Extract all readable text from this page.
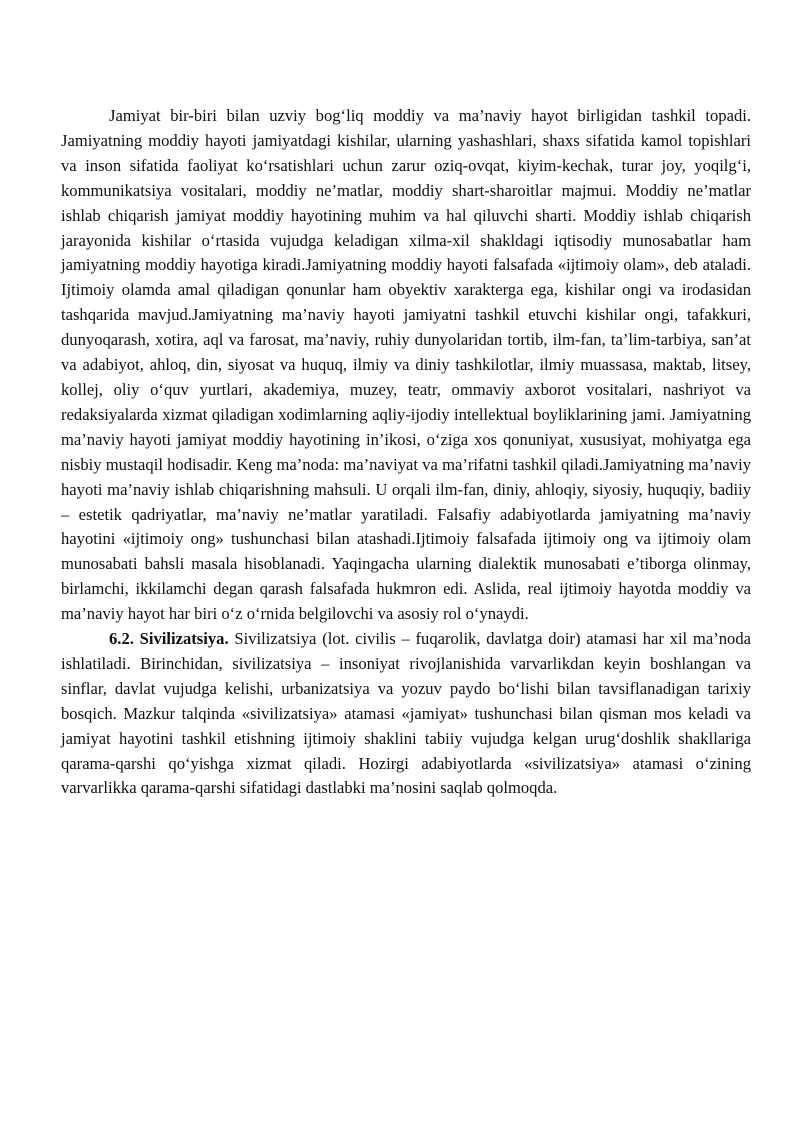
Jamiyat bir-biri bilan uzviy bog‘liq moddiy va ma’naviy hayot birligidan tashkil topadi. Jamiyatning moddiy hayoti jamiyatdagi kishilar, ularning yashashlari, shaxs sifatida kamol topishlari va inson sifatida faoliyat ko‘rsatishlari uchun zarur oziq-ovqat, kiyim-kechak, turar joy, yoqilg‘i, kommunikatsiya vositalari, moddiy ne’matlar, moddiy shart-sharoitlar majmui. Moddiy ne’matlar ishlab chiqarish jamiyat moddiy hayotining muhim va hal qiluvchi sharti. Moddiy ishlab chiqarish jarayonida kishilar o‘rtasida vujudga keladigan xilma-xil shakldagi iqtisodiy munosabatlar ham jamiyatning moddiy hayotiga kiradi.Jamiyatning moddiy hayoti falsafada «ijtimoiy olam», deb ataladi. Ijtimoiy olamda amal qiladigan qonunlar ham obyektiv xarakterga ega, kishilar ongi va irodasidan tashqarida mavjud.Jamiyatning ma’naviy hayoti jamiyatni tashkil etuvchi kishilar ongi, tafakkuri, dunyoqarash, xotira, aql va farosat, ma’naviy, ruhiy dunyolaridan tortib, ilm-fan, ta’lim-tarbiya, san’at va adabiyot, ahloq, din, siyosat va huquq, ilmiy va diniy tashkilotlar, ilmiy muassasa, maktab, litsey, kollej, oliy o‘quv yurtlari, akademiya, muzey, teatr, ommaviy axborot vositalari, nashriyot va redaksiyalarda xizmat qiladigan xodimlarning aqliy-ijodiy intellektual boyliklarining jami. Jamiyatning ma’naviy hayoti jamiyat moddiy hayotining in’ikosi, o‘ziga xos qonuniyat, xususiyat, mohiyatga ega nisbiy mustaqil hodisadir. Keng ma’noda: ma’naviyat va ma’rifatni tashkil qiladi.Jamiyatning ma’naviy hayoti ma’naviy ishlab chiqarishning mahsuli. U orqali ilm-fan, diniy, ahloqiy, siyosiy, huquqiy, badiiy – estetik qadriyatlar, ma’naviy ne’matlar yaratiladi. Falsafiy adabiyotlarda jamiyatning ma’naviy hayotini «ijtimoiy ong» tushunchasi bilan atashadi.Ijtimoiy falsafada ijtimoiy ong va ijtimoiy olam munosabati bahsli masala hisoblanadi. Yaqingacha ularning dialektik munosabati e’tiborga olinmay, birlamchi, ikkilamchi degan qarash falsafada hukmron edi. Aslida, real ijtimoiy hayotda moddiy va ma’naviy hayot har biri o‘z o‘rnida belgilovchi va asosiy rol o‘ynaydi.

6.2. Sivilizatsiya. Sivilizatsiya (lot. civilis – fuqarolik, davlatga doir) atamasi har xil ma’noda ishlatiladi. Birinchidan, sivilizatsiya – insoniyat rivojlanishida varvarlikdan keyin boshlangan va sinflar, davlat vujudga kelishi, urbanizatsiya va yozuv paydo bo‘lishi bilan tavsiflanadigan tarixiy bosqich. Mazkur talqinda «sivilizatsiya» atamasi «jamiyat» tushunchasi bilan qisman mos keladi va jamiyat hayotini tashkil etishning ijtimoiy shaklini tabiiy vujudga kelgan urug‘doshlik shakllariga qarama-qarshi qo‘yishga xizmat qiladi. Hozirgi adabiyotlarda «sivilizatsiya» atamasi o‘zining varvarlikka qarama-qarshi sifatidagi dastlabki ma’nosini saqlab qolmoqda.
